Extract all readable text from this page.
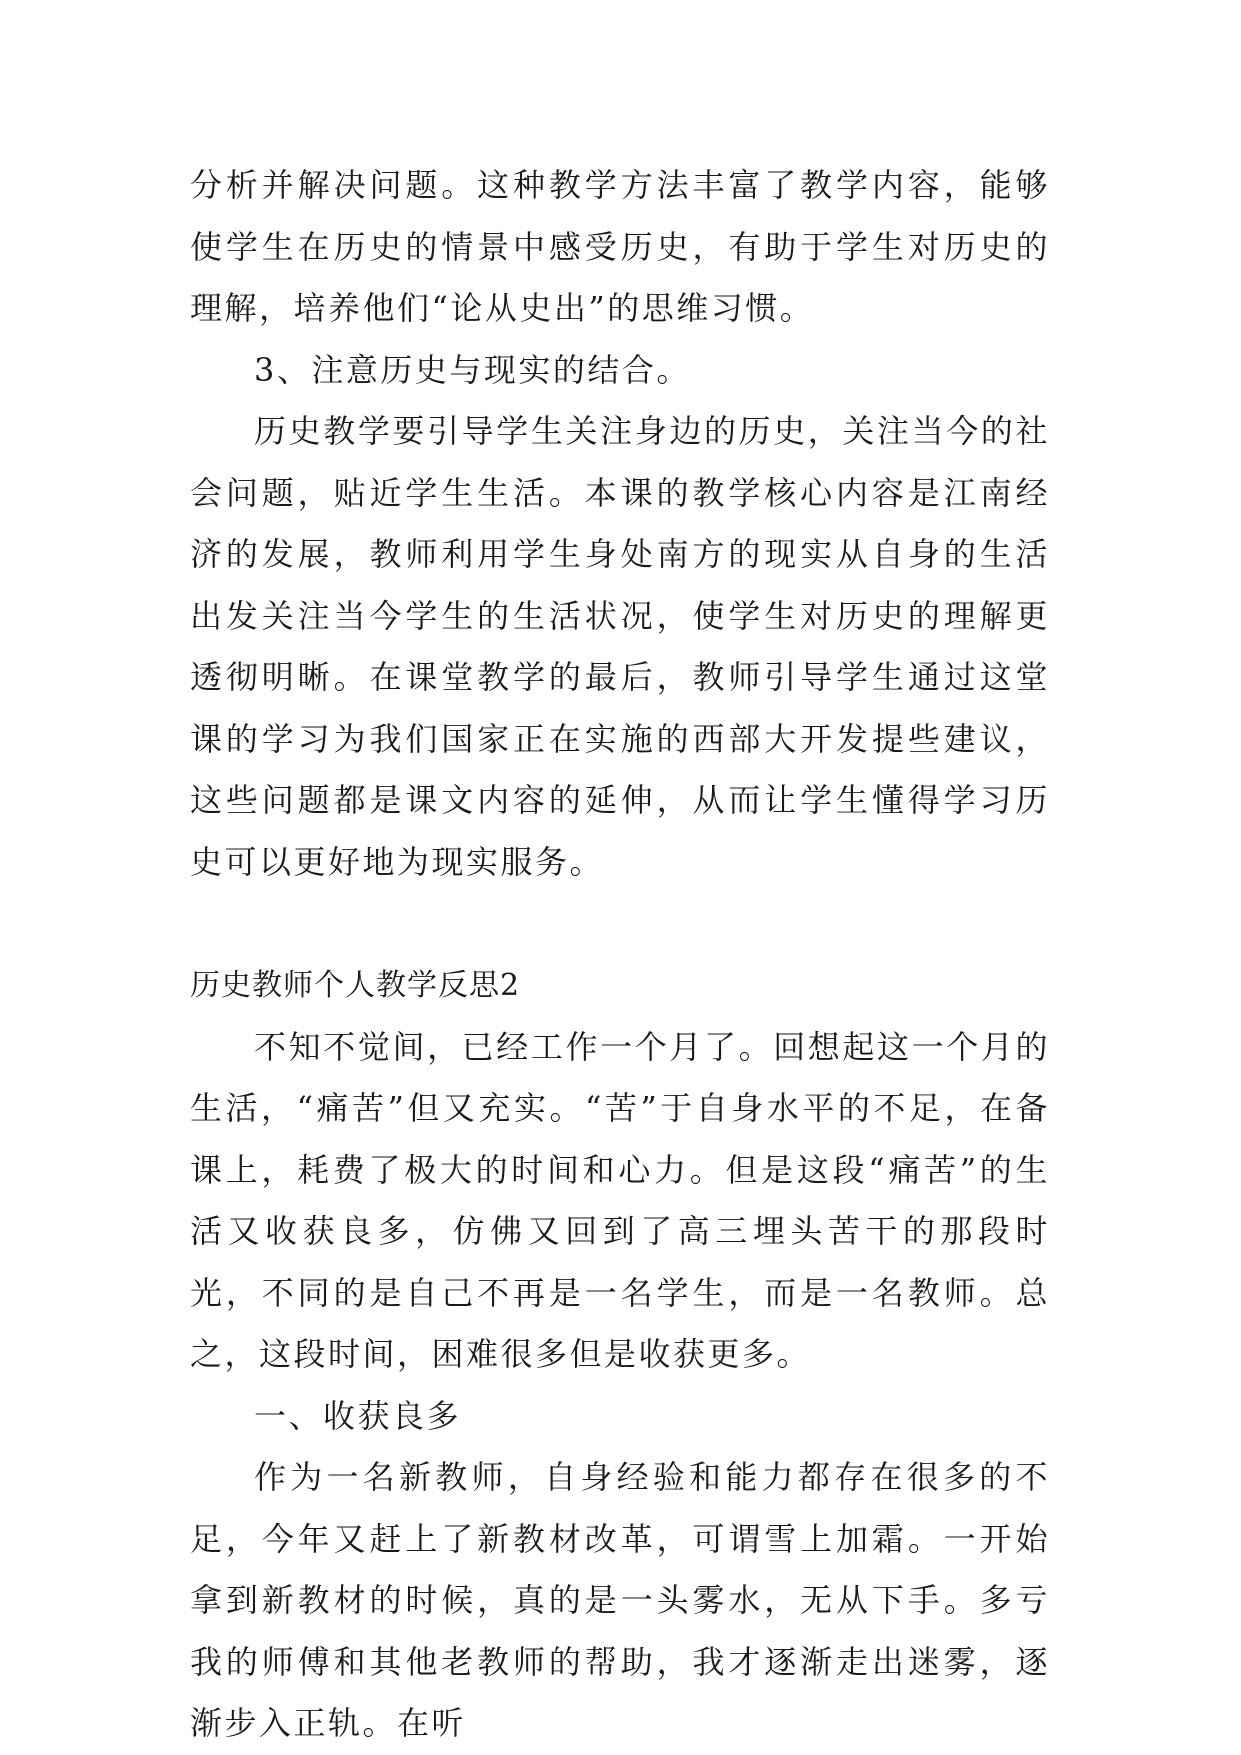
分析并解决问题。这种教学方法丰富了教学内容，能够使学生在历史的情景中感受历史，有助于学生对历史的理解，培养他们“论从史出”的思维习惯。

3、注意历史与现实的结合。

历史教学要引导学生关注身边的历史，关注当今的社会问题，贴近学生生活。本课的教学核心内容是江南经济的发展，教师利用学生身处南方的现实从自身的生活出发关注当今学生的生活状况，使学生对历史的理解更透彻明晰。在课堂教学的最后，教师引导学生通过这堂课的学习为我们国家正在实施的西部大开发提些建议，这些问题都是课文内容的延伸，从而让学生懂得学习历史可以更好地为现实服务。

历史教师个人教学反思2

不知不觉间，已经工作一个月了。回想起这一个月的生活，“痛苦”但又充实。“苦”于自身水平的不足，在备课上，耗费了极大的时间和心力。但是这段“痛苦”的生活又收获良多，仿佛又回到了高三埋头苦干的那段时光，不同的是自己不再是一名学生，而是一名教师。总之，这段时间，困难很多但是收获更多。

一、收获良多

作为一名新教师，自身经验和能力都存在很多的不足，今年又赶上了新教材改革，可谓雪上加霜。一开始拿到新教材的时候，真的是一头雾水，无从下手。多亏我的师傅和其他老教师的帮助，我才逐渐走出迷雾，逐渐步入正轨。在听
